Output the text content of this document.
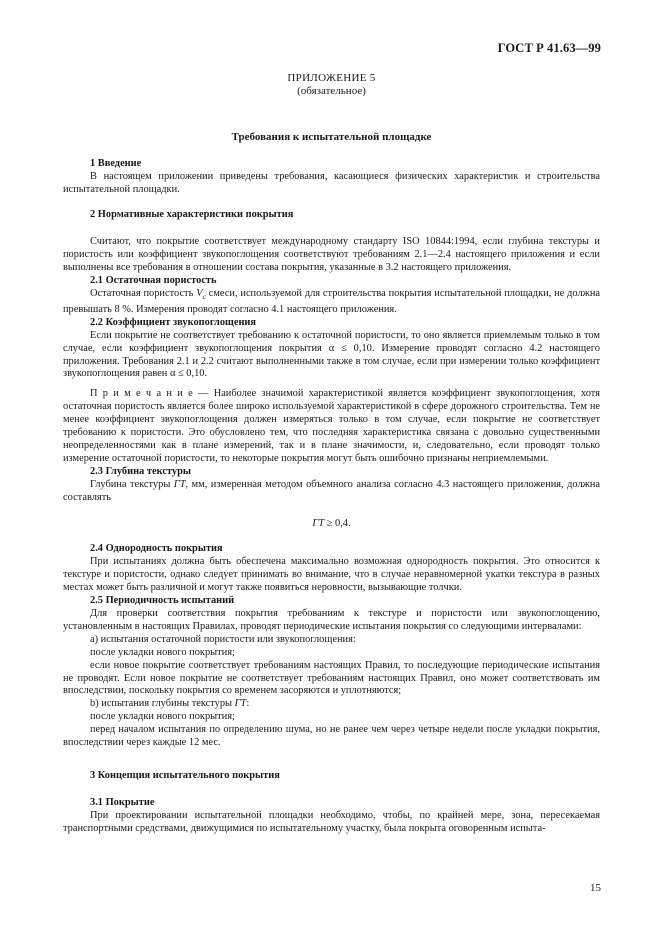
ГОСТ Р 41.63—99
ПРИЛОЖЕНИЕ 5
(обязательное)
Требования к испытательной площадке
1 Введение

В настоящем приложении приведены требования, касающиеся физических характеристик и строительства испытательной площадки.

2 Нормативные характеристики покрытия

Считают, что покрытие соответствует международному стандарту ISO 10844:1994, если глубина текстуры и пористость или коэффициент звукопоглощения соответствуют требованиям 2.1—2.4 настоящего приложения и если выполнены все требования в отношении состава покрытия, указанные в 3.2 настоящего приложения.

2.1 Остаточная пористость

Остаточная пористость $V_c$ смеси, используемой для строительства покрытия испытательной площадки, не должна превышать 8 %. Измерения проводят согласно 4.1 настоящего приложения.

2.2 Коэффициент звукопоглощения

Если покрытие не соответствует требованию к остаточной пористости, то оно является приемлемым только в том случае, если коэффициент звукопоглощения покрытия α ≤ 0,10. Измерение проводят согласно 4.2 настоящего приложения. Требования 2.1 и 2.2 считают выполненными также в том случае, если при измерении только коэффициент звукопоглощения равен α ≤ 0,10.

П р и м е ч а н и е — Наиболее значимой характеристикой является коэффициент звукопоглощения, хотя остаточная пористость является более широко используемой характеристикой в сфере дорожного строительства. Тем не менее коэффициент звукопоглощения должен измеряться только в том случае, если покрытие не соответствует требованию к пористости. Это обусловлено тем, что последняя характеристика связана с довольно существенными неопределенностями как в плане измерений, так и в плане значимости, и, следовательно, если проводят только измерение остаточной пористости, то некоторые покрытия могут быть ошибочно признаны неприемлемыми.

2.3 Глубина текстуры

Глубина текстуры ГТ, мм, измеренная методом объемного анализа согласно 4.3 настоящего приложения, должна составлять

ГТ ≥ 0,4.
2.4 Однородность покрытия

При испытаниях должна быть обеспечена максимально возможная однородность покрытия. Это относится к текстуре и пористости, однако следует принимать во внимание, что в случае неравномерной укатки текстура в разных местах может быть различной и могут также появиться неровности, вызывающие толчки.

2.5 Периодичность испытаний

Для проверки соответствия покрытия требованиям к текстуре и пористости или звукопоглощению, установленным в настоящих Правилах, проводят периодические испытания покрытия со следующими интервалами:

a) испытания остаточной пористости или звукопоглощения:

после укладки нового покрытия;

если новое покрытие соответствует требованиям настоящих Правил, то последующие периодические испытания не проводят. Если новое покрытие не соответствует требованиям настоящих Правил, оно может соответствовать им впоследствии, поскольку покрытия со временем засоряются и уплотняются;

b) испытания глубины текстуры ГТ:

после укладки нового покрытия;

перед началом испытания по определению шума, но не ранее чем через четыре недели после укладки покрытия, впоследствии через каждые 12 мес.

3 Концепция испытательного покрытия
3.1 Покрытие

При проектировании испытательной площадки необходимо, чтобы, по крайней мере, зона, пересекаемая транспортными средствами, движущимися по испытательному участку, была покрыта оговоренным испыта-

15
